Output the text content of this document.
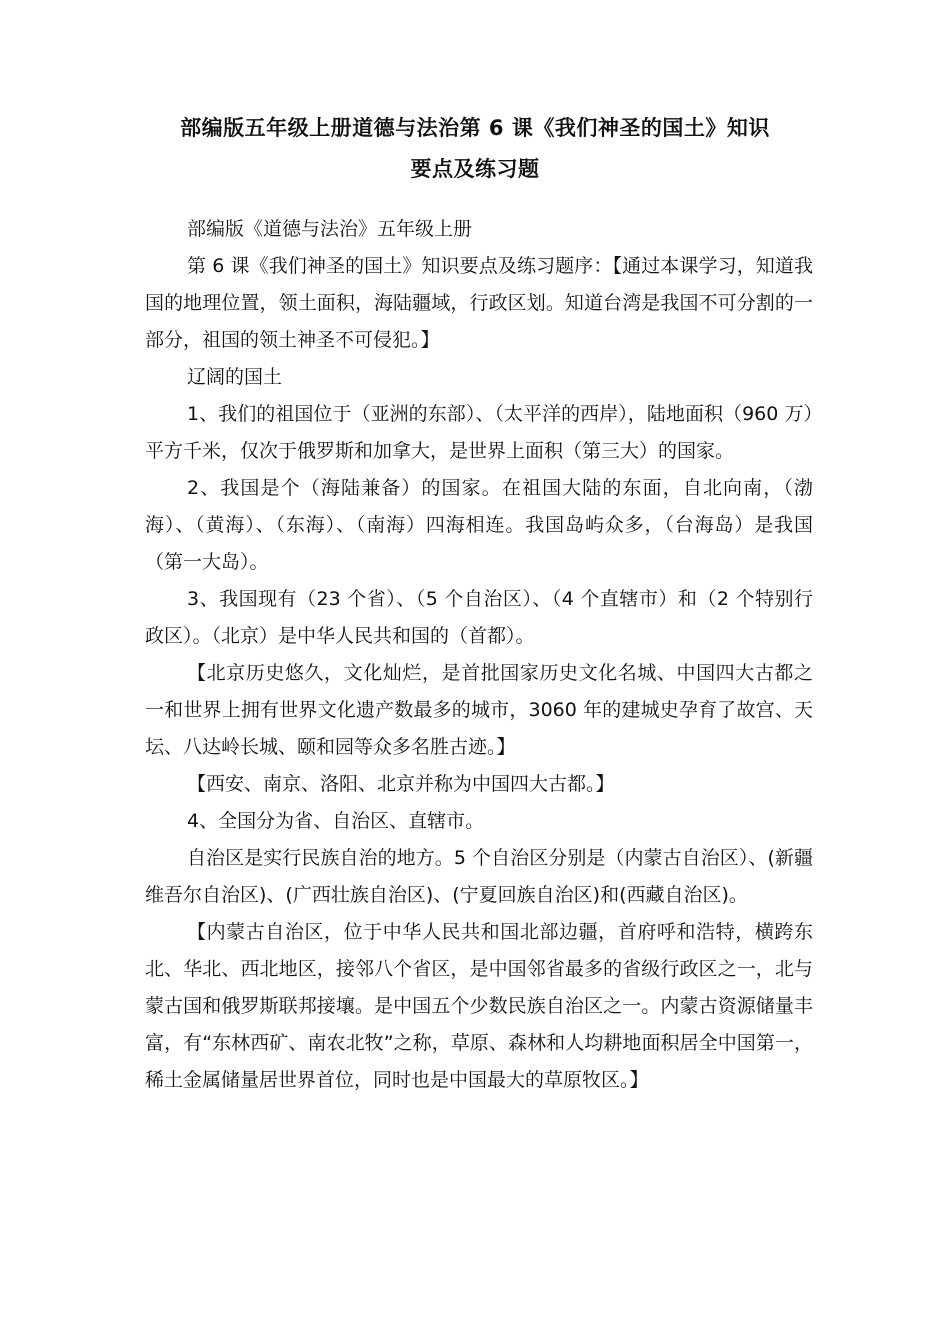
部编版五年级上册道德与法治第 6 课《我们神圣的国土》知识
要点及练习题

部编版《道德与法治》五年级上册

第 6 课《我们神圣的国土》知识要点及练习题序：【通过本课学习，知道我国的地理位置，领土面积，海陆疆域，行政区划。知道台湾是我国不可分割的一部分，祖国的领土神圣不可侵犯。】

辽阔的国土

1、我们的祖国位于（亚洲的东部）、（太平洋的西岸），陆地面积（960 万）平方千米，仅次于俄罗斯和加拿大，是世界上面积（第三大）的国家。

2、我国是个（海陆兼备）的国家。在祖国大陆的东面，自北向南，（渤海）、（黄海）、（东海）、（南海）四海相连。我国岛屿众多，（台海岛）是我国（第一大岛）。

3、我国现有（23 个省）、（5 个自治区）、（4 个直辖市）和（2 个特别行政区）。（北京）是中华人民共和国的（首都）。

【北京历史悠久，文化灿烂，是首批国家历史文化名城、中国四大古都之一和世界上拥有世界文化遗产数最多的城市，3060 年的建城史孕育了故宫、天坛、八达岭长城、颐和园等众多名胜古迹。】

【西安、南京、洛阳、北京并称为中国四大古都。】

4、全国分为省、自治区、直辖市。

自治区是实行民族自治的地方。5 个自治区分别是（内蒙古自治区）、(新疆维吾尔自治区)、(广西壮族自治区)、(宁夏回族自治区)和(西藏自治区)。

【内蒙古自治区，位于中华人民共和国北部边疆，首府呼和浩特，横跨东北、华北、西北地区，接邻八个省区，是中国邻省最多的省级行政区之一，北与蒙古国和俄罗斯联邦接壤。是中国五个少数民族自治区之一。内蒙古资源储量丰富，有“东林西矿、南农北牧”之称，草原、森林和人均耕地面积居全中国第一，稀土金属储量居世界首位，同时也是中国最大的草原牧区。】
